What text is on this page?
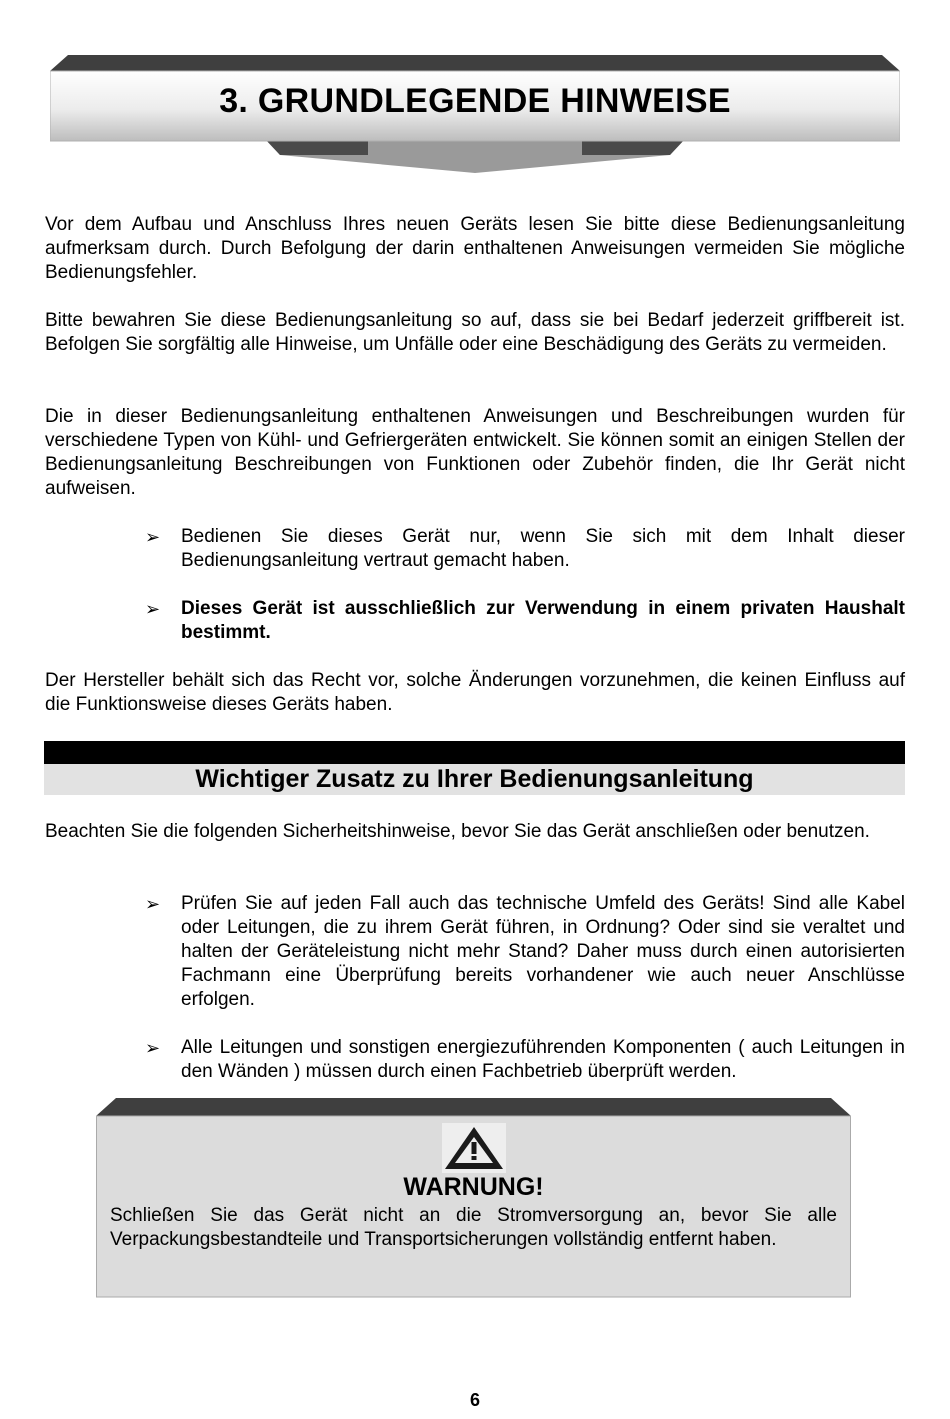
3. GRUNDLEGENDE HINWEISE

Vor dem Aufbau und Anschluss Ihres neuen Geräts lesen Sie bitte diese Bedienungsanleitung aufmerksam durch. Durch Befolgung der darin enthaltenen Anweisungen vermeiden Sie mögliche Bedienungsfehler.

Bitte bewahren Sie diese Bedienungsanleitung so auf, dass sie bei Bedarf jederzeit griffbereit ist. Befolgen Sie sorgfältig alle Hinweise, um Unfälle oder eine Beschädigung des Geräts zu vermeiden.

Die in dieser Bedienungsanleitung enthaltenen Anweisungen und Beschreibungen wurden für verschiedene Typen von Kühl- und Gefriergeräten entwickelt. Sie können somit an einigen Stellen der Bedienungsanleitung Beschreibungen von Funktionen oder Zubehör finden, die Ihr Gerät nicht aufweisen.

➢	Bedienen Sie dieses Gerät nur, wenn Sie sich mit dem Inhalt dieser Bedienungsanleitung vertraut gemacht haben.
➢	Dieses Gerät ist ausschließlich zur Verwendung in einem privaten Haushalt bestimmt.

Der Hersteller behält sich das Recht vor, solche Änderungen vorzunehmen, die keinen Einfluss auf die Funktionsweise dieses Geräts haben.

Wichtiger Zusatz zu Ihrer Bedienungsanleitung

Beachten Sie die folgenden Sicherheitshinweise, bevor Sie das Gerät anschließen oder benutzen.

➢	Prüfen Sie auf jeden Fall auch das technische Umfeld des Geräts! Sind alle Kabel oder Leitungen, die zu ihrem Gerät führen, in Ordnung? Oder sind sie veraltet und halten der Geräteleistung nicht mehr Stand? Daher muss durch einen autorisierten Fachmann eine Überprüfung bereits vorhandener wie auch neuer Anschlüsse erfolgen.
➢	Alle Leitungen und sonstigen energiezuführenden Komponenten ( auch Leitungen in den Wänden ) müssen durch einen Fachbetrieb überprüft werden.
WARNUNG!
Schließen Sie das Gerät nicht an die Stromversorgung an, bevor Sie alle Verpackungsbestandteile und Transportsicherungen vollständig entfernt haben.
6
